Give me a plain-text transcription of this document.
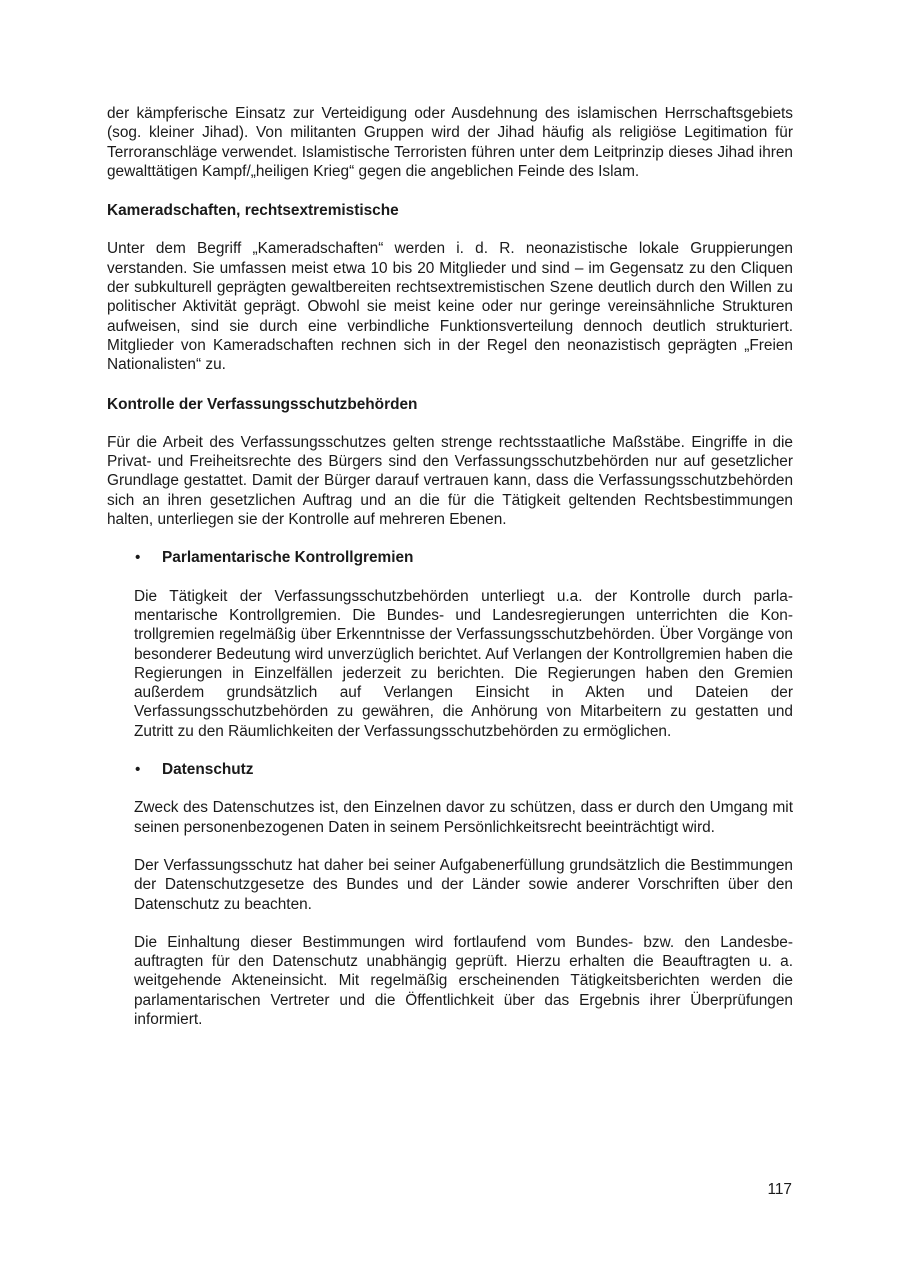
der kämpferische Einsatz zur Verteidigung oder Ausdehnung des islamischen Herrschaftsgebiets (sog. kleiner Jihad). Von militanten Gruppen wird der Jihad häufig als religiöse Legitimation für Terroranschläge verwendet. Islamistische Terroristen führen unter dem Leitprinzip dieses Jihad ihren gewalttätigen Kampf/„heiligen Krieg“ gegen die angeblichen Feinde des Islam.

Kameradschaften, rechtsextremistische

Unter dem Begriff „Kameradschaften“ werden i. d. R. neonazistische lokale Gruppierungen verstanden. Sie umfassen meist etwa 10 bis 20 Mitglieder und sind – im Gegensatz zu den Cliquen der subkulturell geprägten gewaltbereiten rechtsextremistischen Szene deutlich durch den Willen zu politischer Aktivität geprägt. Obwohl sie meist keine oder nur geringe vereinsähnliche Strukturen aufweisen, sind sie durch eine verbindliche Funktionsverteilung dennoch deutlich strukturiert. Mitglieder von Kameradschaften rechnen sich in der Regel den neonazistisch geprägten „Freien Nationalisten“ zu.

Kontrolle der Verfassungsschutzbehörden

Für die Arbeit des Verfassungsschutzes gelten strenge rechtsstaatliche Maßstäbe. Eingriffe in die Privat- und Freiheitsrechte des Bürgers sind den Verfassungsschutzbehörden nur auf gesetzlicher Grundlage gestattet. Damit der Bürger darauf vertrauen kann, dass die Verfassungsschutzbehörden sich an ihren gesetzlichen Auftrag und an die für die Tätigkeit geltenden Rechtsbestimmungen halten, unterliegen sie der Kontrolle auf mehreren Ebenen.

•	Parlamentarische Kontrollgremien

Die Tätigkeit der Verfassungsschutzbehörden unterliegt u.a. der Kontrolle durch parlamentarische Kontrollgremien. Die Bundes- und Landesregierungen unterrichten die Kontrollgremien regelmäßig über Erkenntnisse der Verfassungsschutzbehörden. Über Vorgänge von besonderer Bedeutung wird unverzüglich berichtet. Auf Verlangen der Kontrollgremien haben die Regierungen in Einzelfällen jederzeit zu berichten. Die Regierungen haben den Gremien außerdem grundsätzlich auf Verlangen Einsicht in Akten und Dateien der Verfassungsschutzbehörden zu gewähren, die Anhörung von Mitarbeitern zu gestatten und Zutritt zu den Räumlichkeiten der Verfassungsschutzbehörden zu ermöglichen.

•	Datenschutz

Zweck des Datenschutzes ist, den Einzelnen davor zu schützen, dass er durch den Umgang mit seinen personenbezogenen Daten in seinem Persönlichkeitsrecht beeinträchtigt wird.

Der Verfassungsschutz hat daher bei seiner Aufgabenerfüllung grundsätzlich die Bestimmungen der Datenschutzgesetze des Bundes und der Länder sowie anderer Vorschriften über den Datenschutz zu beachten.

Die Einhaltung dieser Bestimmungen wird fortlaufend vom Bundes- bzw. den Landesbeauftragten für den Datenschutz unabhängig geprüft. Hierzu erhalten die Beauftragten u. a. weitgehende Akteneinsicht. Mit regelmäßig erscheinenden Tätigkeitsberichten werden die parlamentarischen Vertreter und die Öffentlichkeit über das Ergebnis ihrer Überprüfungen informiert.

117
